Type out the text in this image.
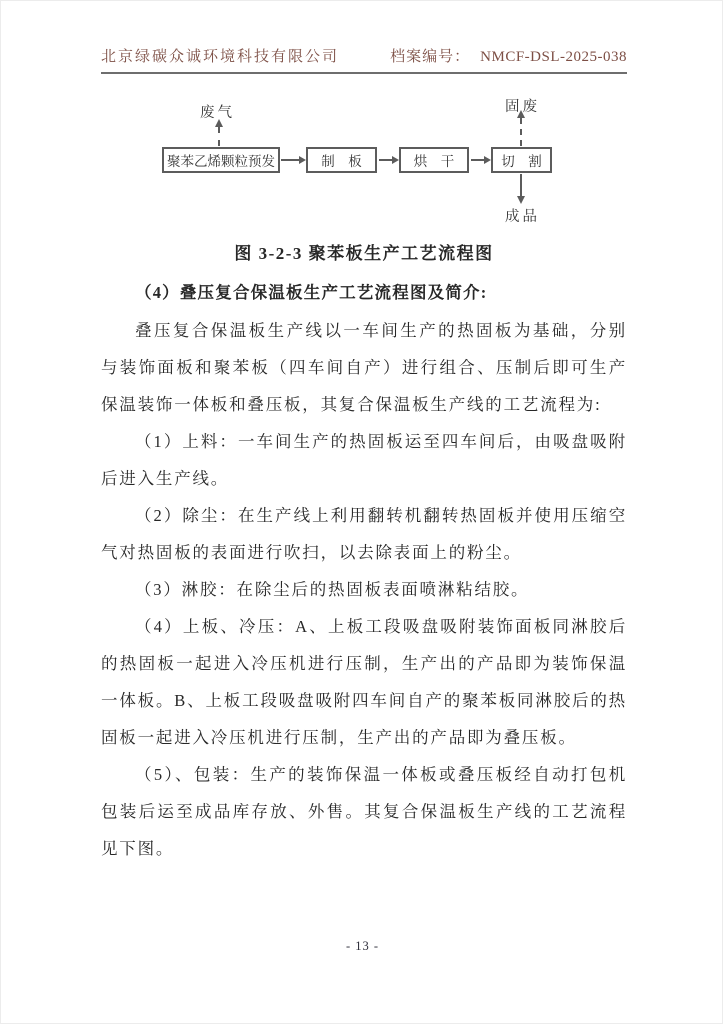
北京绿碳众诚环境科技有限公司	档案编号： NMCF-DSL-2025-038
废气	固废
成品
聚苯乙烯颗粒预发	制　板	烘　干	切　割
图 3-2-3 聚苯板生产工艺流程图
（4）叠压复合保温板生产工艺流程图及简介:

叠压复合保温板生产线以一车间生产的热固板为基础，分别与装饰面板和聚苯板（四车间自产）进行组合、压制后即可生产保温装饰一体板和叠压板，其复合保温板生产线的工艺流程为:

（1）上料：一车间生产的热固板运至四车间后，由吸盘吸附后进入生产线。

（2）除尘：在生产线上利用翻转机翻转热固板并使用压缩空气对热固板的表面进行吹扫，以去除表面上的粉尘。

（3）淋胶：在除尘后的热固板表面喷淋粘结胶。

（4）上板、冷压：A、上板工段吸盘吸附装饰面板同淋胶后的热固板一起进入冷压机进行压制，生产出的产品即为装饰保温一体板。B、上板工段吸盘吸附四车间自产的聚苯板同淋胶后的热固板一起进入冷压机进行压制，生产出的产品即为叠压板。

（5）、包装：生产的装饰保温一体板或叠压板经自动打包机包装后运至成品库存放、外售。其复合保温板生产线的工艺流程见下图。

- 13 -
